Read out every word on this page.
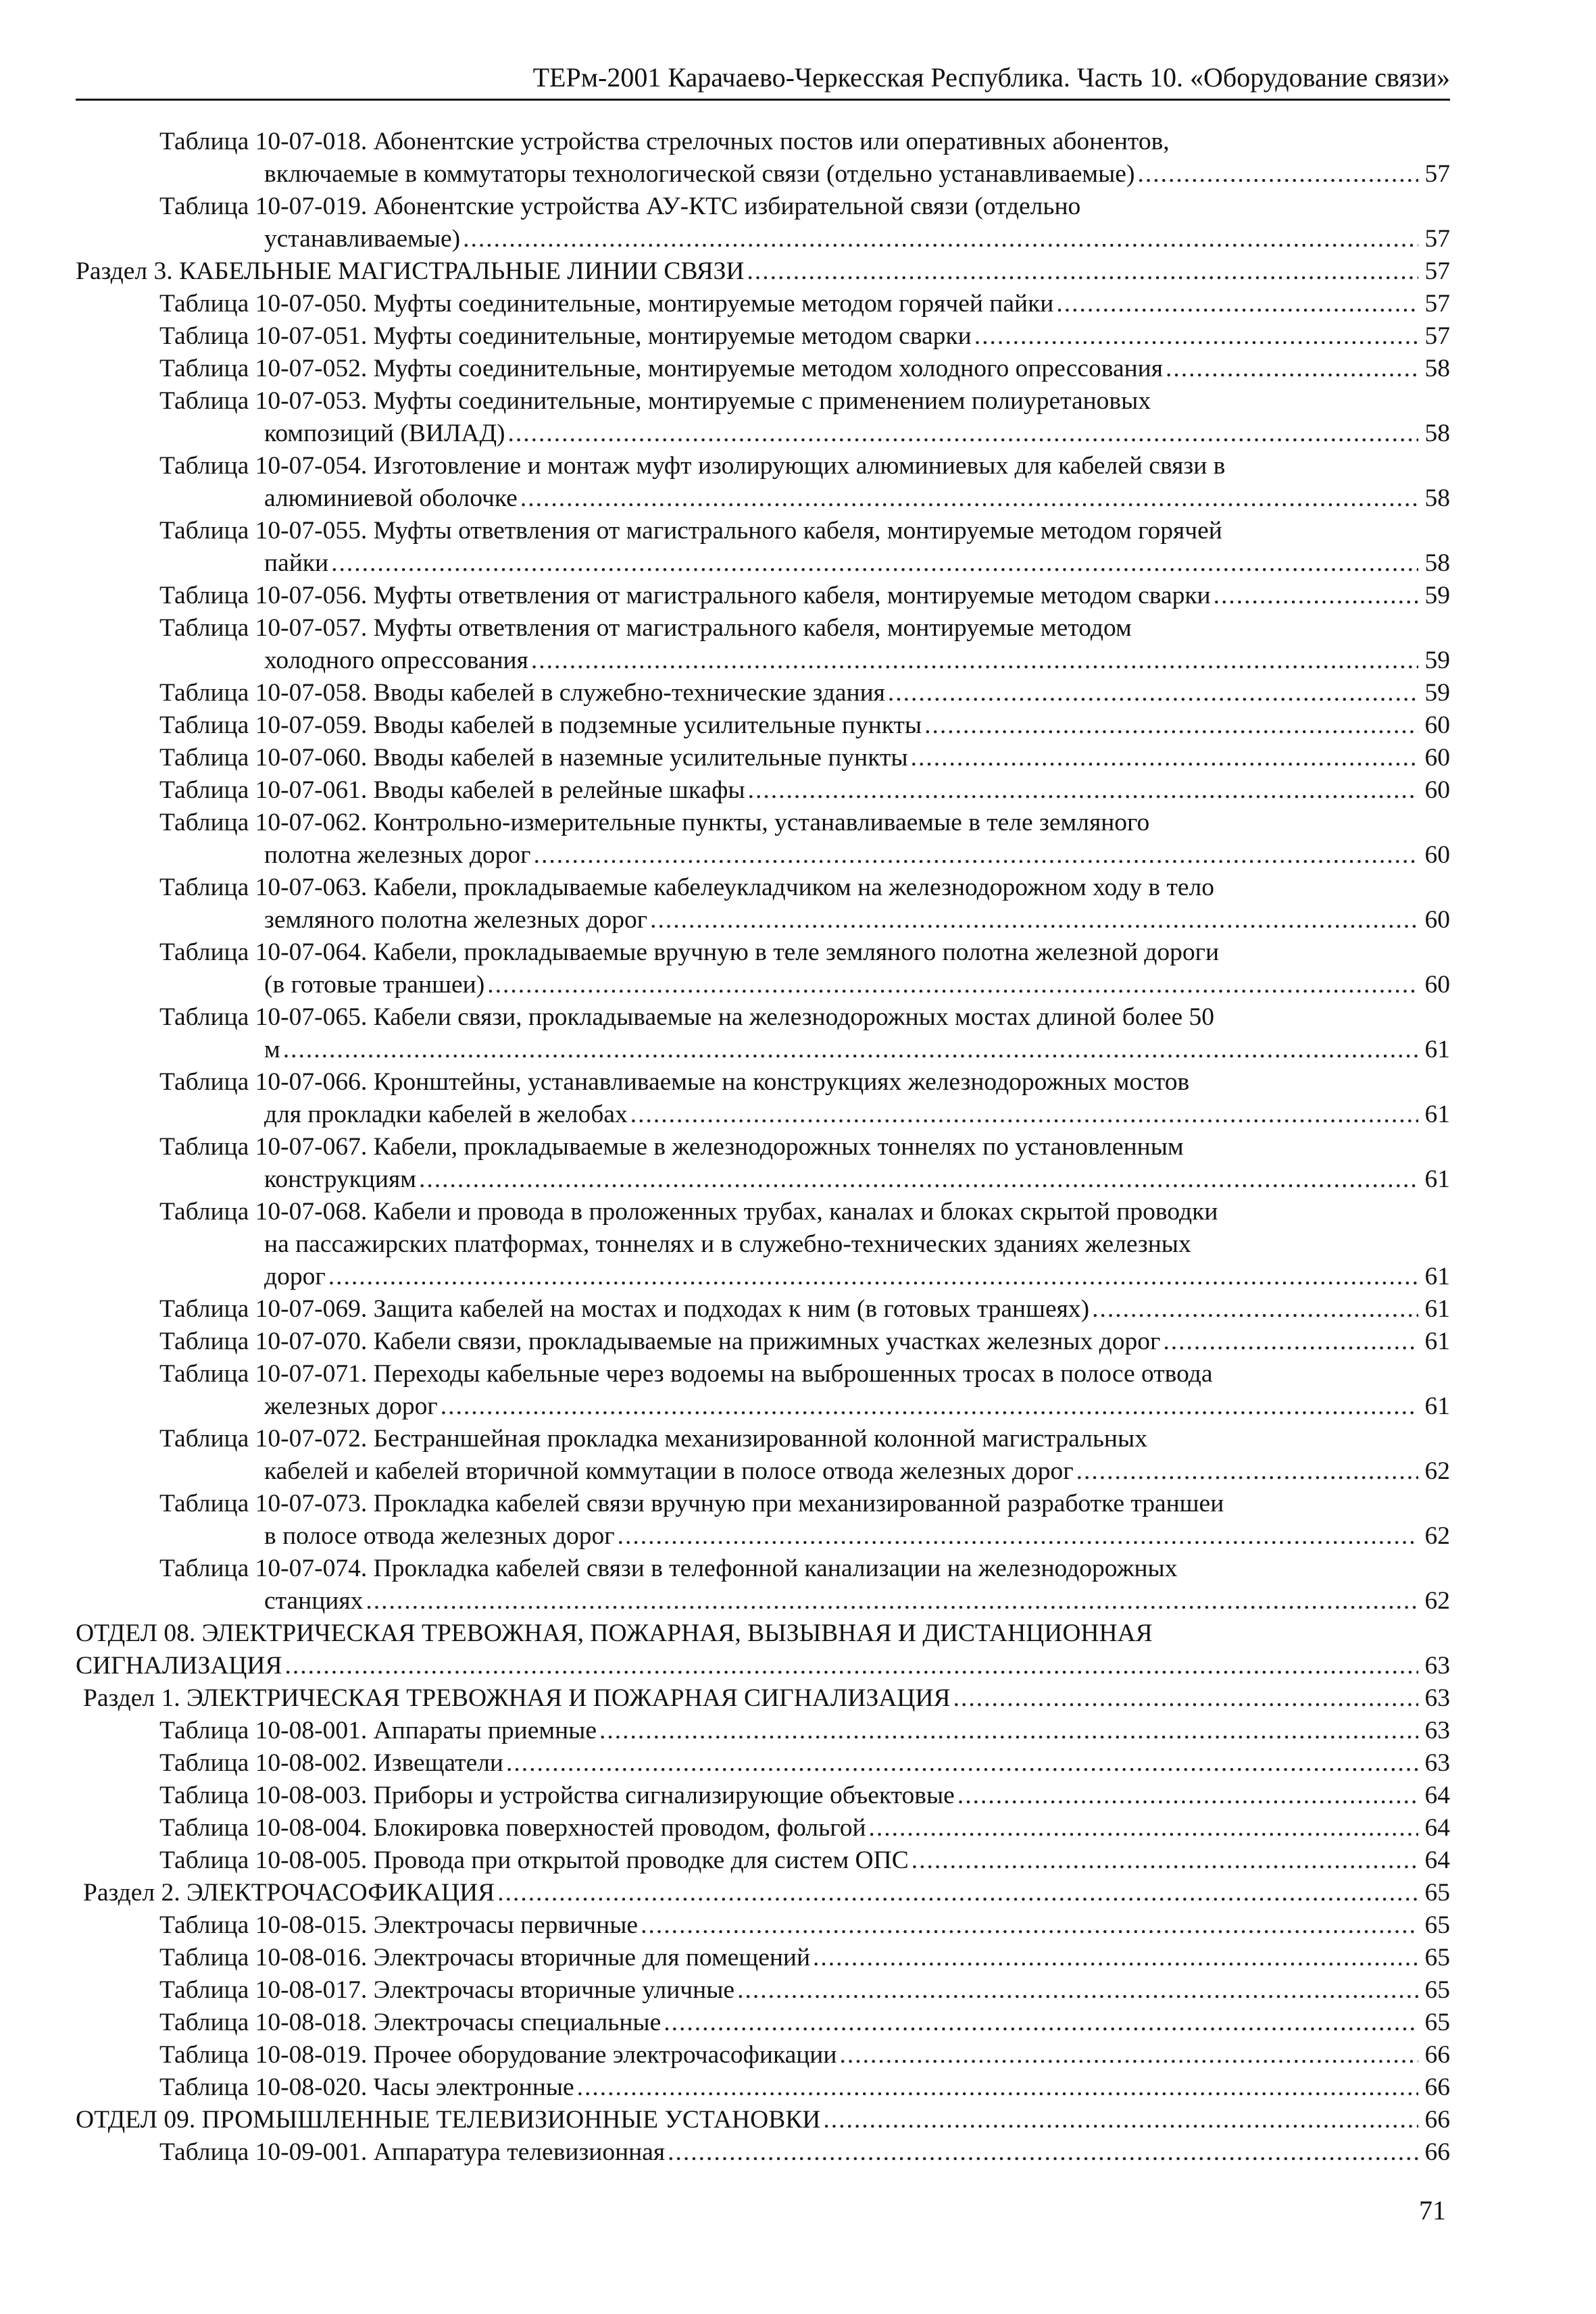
ТЕРм-2001 Карачаево-Черкесская Республика. Часть 10. «Оборудование связи»
Таблица 10-07-018. Абонентские устройства стрелочных постов или оперативных абонентов,
включаемые в коммутаторы технологической связи (отдельно устанавливаемые) .....	57
Таблица 10-07-019. Абонентские устройства АУ-КТС избирательной связи (отдельно
устанавливаемые) .....	57
Раздел 3. КАБЕЛЬНЫЕ МАГИСТРАЛЬНЫЕ ЛИНИИ СВЯЗИ .....	57
Таблица 10-07-050. Муфты соединительные, монтируемые методом горячей пайки .....	57
Таблица 10-07-051. Муфты соединительные, монтируемые методом сварки .....	57
Таблица 10-07-052. Муфты соединительные, монтируемые методом холодного опрессования .....	58
Таблица 10-07-053. Муфты соединительные, монтируемые с применением полиуретановых
композиций (ВИЛАД) .....	58
Таблица 10-07-054. Изготовление и монтаж муфт изолирующих алюминиевых для кабелей связи в
алюминиевой оболочке .....	58
Таблица 10-07-055. Муфты ответвления от магистрального кабеля, монтируемые методом горячей
пайки .....	58
Таблица 10-07-056. Муфты ответвления от магистрального кабеля, монтируемые методом сварки .....	59
Таблица 10-07-057. Муфты ответвления от магистрального кабеля, монтируемые методом
холодного опрессования .....	59
Таблица 10-07-058. Вводы кабелей в служебно-технические здания .....	59
Таблица 10-07-059. Вводы кабелей в подземные усилительные пункты .....	60
Таблица 10-07-060. Вводы кабелей в наземные усилительные пункты .....	60
Таблица 10-07-061. Вводы кабелей в релейные шкафы .....	60
Таблица 10-07-062. Контрольно-измерительные пункты, устанавливаемые в теле земляного
полотна железных дорог .....	60
Таблица 10-07-063. Кабели, прокладываемые кабелеукладчиком на железнодорожном ходу в тело
земляного полотна железных дорог .....	60
Таблица 10-07-064. Кабели, прокладываемые вручную в теле земляного полотна железной дороги
(в готовые траншеи) .....	60
Таблица 10-07-065. Кабели связи, прокладываемые на железнодорожных мостах длиной более 50
м .....	61
Таблица 10-07-066. Кронштейны, устанавливаемые на конструкциях железнодорожных мостов
для прокладки кабелей в желобах .....	61
Таблица 10-07-067. Кабели, прокладываемые в железнодорожных тоннелях по установленным
конструкциям .....	61
Таблица 10-07-068. Кабели и провода в проложенных трубах, каналах и блоках скрытой проводки
на пассажирских платформах, тоннелях и в служебно-технических зданиях железных
дорог .....	61
Таблица 10-07-069. Защита кабелей на мостах и подходах к ним (в готовых траншеях) .....	61
Таблица 10-07-070. Кабели связи, прокладываемые на прижимных участках железных дорог .....	61
Таблица 10-07-071. Переходы кабельные через водоемы на выброшенных тросах в полосе отвода
железных дорог .....	61
Таблица 10-07-072. Бестраншейная прокладка механизированной колонной магистральных
кабелей и кабелей вторичной коммутации в полосе отвода железных дорог .....	62
Таблица 10-07-073. Прокладка кабелей связи вручную при механизированной разработке траншеи
в полосе отвода железных дорог .....	62
Таблица 10-07-074. Прокладка кабелей связи в телефонной канализации на железнодорожных
станциях .....	62
ОТДЕЛ 08. ЭЛЕКТРИЧЕСКАЯ ТРЕВОЖНАЯ, ПОЖАРНАЯ, ВЫЗЫВНАЯ И ДИСТАНЦИОННАЯ
СИГНАЛИЗАЦИЯ .....	63
Раздел 1. ЭЛЕКТРИЧЕСКАЯ ТРЕВОЖНАЯ И ПОЖАРНАЯ СИГНАЛИЗАЦИЯ .....	63
Таблица 10-08-001. Аппараты приемные .....	63
Таблица 10-08-002. Извещатели .....	63
Таблица 10-08-003. Приборы и устройства сигнализирующие объектовые .....	64
Таблица 10-08-004. Блокировка поверхностей проводом, фольгой .....	64
Таблица 10-08-005. Провода при открытой проводке для систем ОПС .....	64
Раздел 2. ЭЛЕКТРОЧАСОФИКАЦИЯ .....	65
Таблица 10-08-015. Электрочасы первичные .....	65
Таблица 10-08-016. Электрочасы вторичные для помещений .....	65
Таблица 10-08-017. Электрочасы вторичные уличные .....	65
Таблица 10-08-018. Электрочасы специальные .....	65
Таблица 10-08-019. Прочее оборудование электрочасофикации .....	66
Таблица 10-08-020. Часы электронные .....	66
ОТДЕЛ 09. ПРОМЫШЛЕННЫЕ ТЕЛЕВИЗИОННЫЕ УСТАНОВКИ .....	66
Таблица 10-09-001. Аппаратура телевизионная .....	66
71
